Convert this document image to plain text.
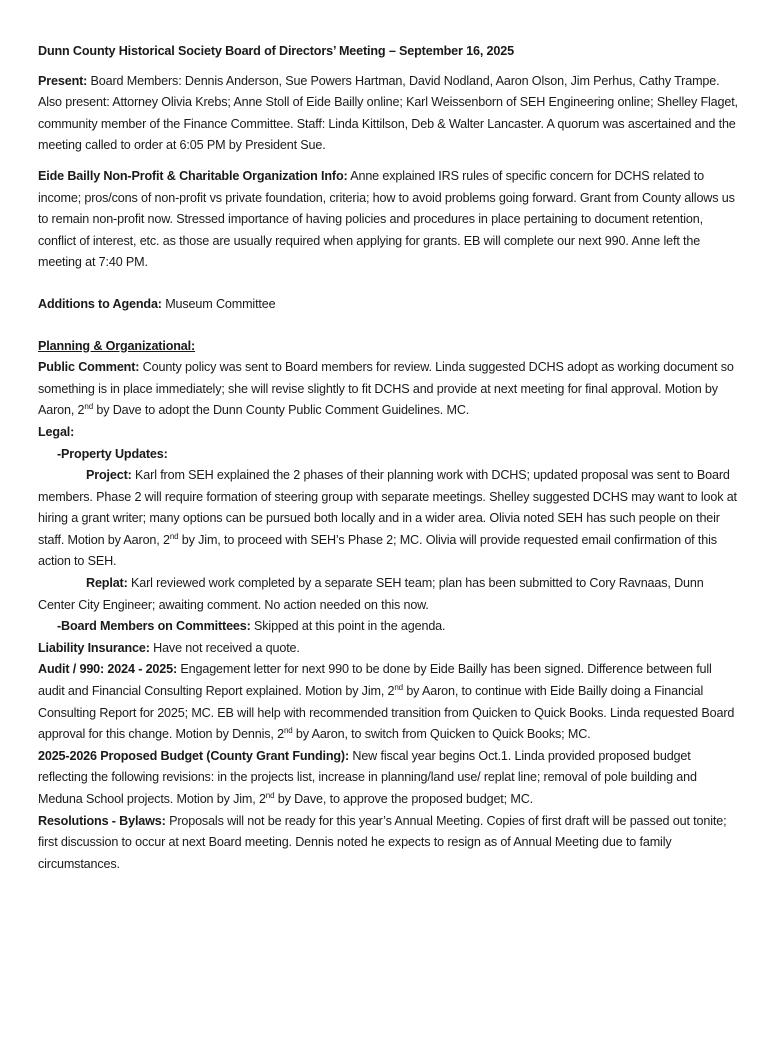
Dunn County Historical Society Board of Directors’ Meeting – September 16, 2025

Present: Board Members: Dennis Anderson, Sue Powers Hartman, David Nodland, Aaron Olson, Jim Perhus, Cathy Trampe. Also present: Attorney Olivia Krebs; Anne Stoll of Eide Bailly online; Karl Weissenborn of SEH Engineering online; Shelley Flaget, community member of the Finance Committee. Staff: Linda Kittilson, Deb & Walter Lancaster. A quorum was ascertained and the meeting called to order at 6:05 PM by President Sue.

Eide Bailly Non-Profit & Charitable Organization Info: Anne explained IRS rules of specific concern for DCHS related to income; pros/cons of non-profit vs private foundation, criteria; how to avoid problems going forward. Grant from County allows us to remain non-profit now. Stressed importance of having policies and procedures in place pertaining to document retention, conflict of interest, etc. as those are usually required when applying for grants. EB will complete our next 990. Anne left the meeting at 7:40 PM.

Additions to Agenda: Museum Committee

Planning & Organizational:

Public Comment: County policy was sent to Board members for review. Linda suggested DCHS adopt as working document so something is in place immediately; she will revise slightly to fit DCHS and provide at next meeting for final approval. Motion by Aaron, 2nd by Dave to adopt the Dunn County Public Comment Guidelines. MC.

Legal:

-Property Updates:

Project: Karl from SEH explained the 2 phases of their planning work with DCHS; updated proposal was sent to Board members. Phase 2 will require formation of steering group with separate meetings. Shelley suggested DCHS may want to look at hiring a grant writer; many options can be pursued both locally and in a wider area. Olivia noted SEH has such people on their staff. Motion by Aaron, 2nd by Jim, to proceed with SEH’s Phase 2; MC. Olivia will provide requested email confirmation of this action to SEH.

Replat: Karl reviewed work completed by a separate SEH team; plan has been submitted to Cory Ravnaas, Dunn Center City Engineer; awaiting comment. No action needed on this now.

-Board Members on Committees: Skipped at this point in the agenda.

Liability Insurance: Have not received a quote.

Audit / 990: 2024 - 2025: Engagement letter for next 990 to be done by Eide Bailly has been signed. Difference between full audit and Financial Consulting Report explained. Motion by Jim, 2nd by Aaron, to continue with Eide Bailly doing a Financial Consulting Report for 2025; MC. EB will help with recommended transition from Quicken to Quick Books. Linda requested Board approval for this change. Motion by Dennis, 2nd by Aaron, to switch from Quicken to Quick Books; MC.

2025-2026 Proposed Budget (County Grant Funding): New fiscal year begins Oct.1. Linda provided proposed budget reflecting the following revisions: in the projects list, increase in planning/land use/ replat line; removal of pole building and Meduna School projects. Motion by Jim, 2nd by Dave, to approve the proposed budget; MC.

Resolutions - Bylaws: Proposals will not be ready for this year’s Annual Meeting. Copies of first draft will be passed out tonite; first discussion to occur at next Board meeting. Dennis noted he expects to resign as of Annual Meeting due to family circumstances.
